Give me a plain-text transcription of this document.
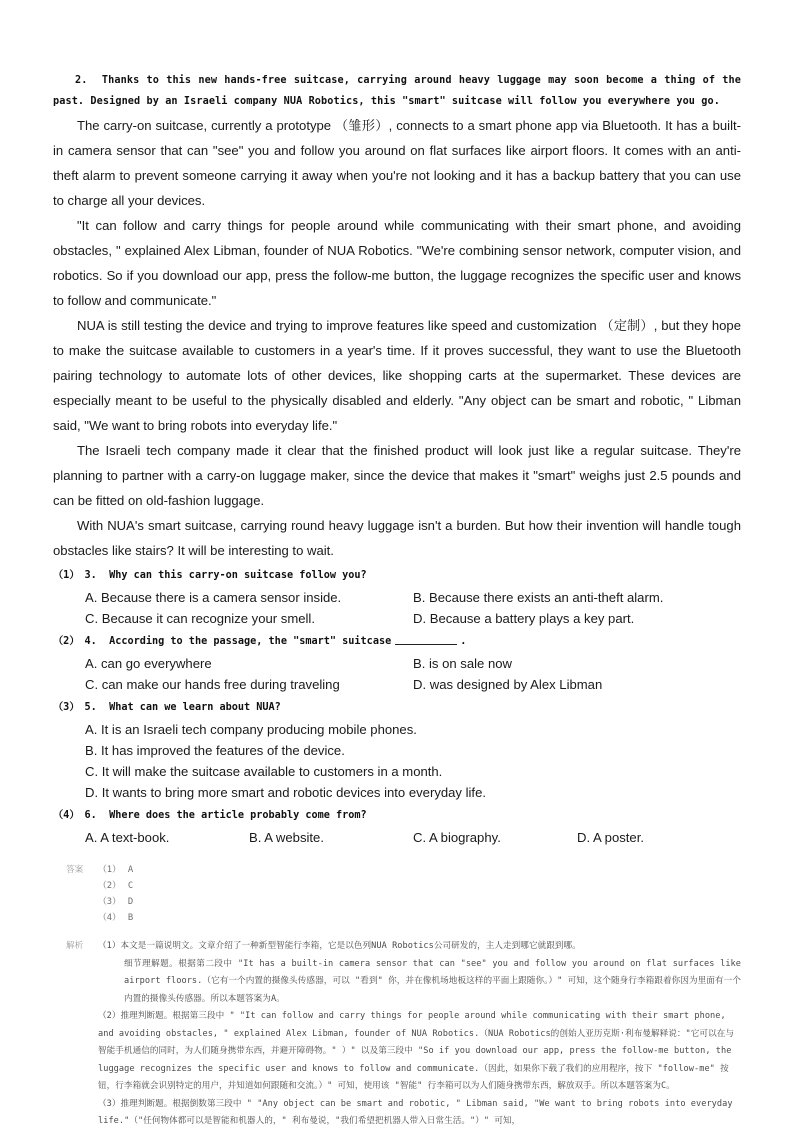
2. Thanks to this new hands-free suitcase, carrying around heavy luggage may soon become a thing of the past. Designed by an Israeli company NUA Robotics, this "smart" suitcase will follow you everywhere you go.

The carry-on suitcase, currently a prototype （雏形）, connects to a smart phone app via Bluetooth. It has a built-in camera sensor that can "see" you and follow you around on flat surfaces like airport floors. It comes with an anti-theft alarm to prevent someone carrying it away when you're not looking and it has a backup battery that you can use to charge all your devices.

"It can follow and carry things for people around while communicating with their smart phone, and avoiding obstacles, " explained Alex Libman, founder of NUA Robotics. "We're combining sensor network, computer vision, and robotics. So if you download our app, press the follow-me button, the luggage recognizes the specific user and knows to follow and communicate."

NUA is still testing the device and trying to improve features like speed and customization （定制）, but they hope to make the suitcase available to customers in a year's time. If it proves successful, they want to use the Bluetooth pairing technology to automate lots of other devices, like shopping carts at the supermarket. These devices are especially meant to be useful to the physically disabled and elderly. "Any object can be smart and robotic, " Libman said, "We want to bring robots into everyday life."

The Israeli tech company made it clear that the finished product will look just like a regular suitcase. They're planning to partner with a carry-on luggage maker, since the device that makes it "smart" weighs just 2.5 pounds and can be fitted on old-fashion luggage.

With NUA's smart suitcase, carrying round heavy luggage isn't a burden. But how their invention will handle tough obstacles like stairs? It will be interesting to wait.

（1） 3. Why can this carry-on suitcase follow you?
A. Because there is a camera sensor inside.	B. Because there exists an anti-theft alarm.
C. Because it can recognize your smell.	D. Because a battery plays a key part.
（2） 4. According to the passage, the "smart" suitcase	.
A. can go everywhere	B. is on sale now
C. can make our hands free during traveling	D. was designed by Alex Libman
（3） 5. What can we learn about NUA?
A. It is an Israeli tech company producing mobile phones.
B. It has improved the features of the device.
C. It will make the suitcase available to customers in a month.
D. It wants to bring more smart and robotic devices into everyday life.
（4） 6. Where does the article probably come from?
A. A text-book.	B. A website.	C. A biography.	D. A poster.
答案	（1） A
（2） C
（3） D
（4） B
解析	（1）本文是一篇说明文。文章介绍了一种新型智能行李箱，它是以色列NUA Robotics公司研发的，主人走到哪它就跟到哪。
细节理解题。根据第二段中 "It has a built-in camera sensor that can "see" you and follow you around on flat surfaces like airport floors.（它有一个内置的摄像头传感器，可以 "看到" 你，并在像机场地板这样的平面上跟随你。）" 可知，这个随身行李箱跟着你因为里面有一个内置的摄像头传感器。所以本题答案为A。
（2）推理判断题。根据第三段中 " "It can follow and carry things for people around while communicating with their smart phone, and avoiding obstacles, " explained Alex Libman, founder of NUA Robotics.（NUA Robotics的创始人亚历克斯·利布曼解释说："它可以在与智能手机通信的同时，为人们随身携带东西，并避开障碍物。" ）" 以及第三段中 "So if you download our app, press the follow-me button, the luggage recognizes the specific user and knows to follow and communicate.（因此，如果你下载了我们的应用程序，按下 "follow-me" 按钮，行李箱就会识别特定的用户，并知道如何跟随和交流。）" 可知，使用该 "智能" 行李箱可以为人们随身携带东西，解放双手。所以本题答案为C。
（3）推理判断题。根据倒数第三段中 " "Any object can be smart and robotic, " Libman said, "We want to bring robots into everyday life."（"任何物体都可以是智能和机器人的，" 利布曼说，"我们希望把机器人带入日常生活。"）" 可知，
